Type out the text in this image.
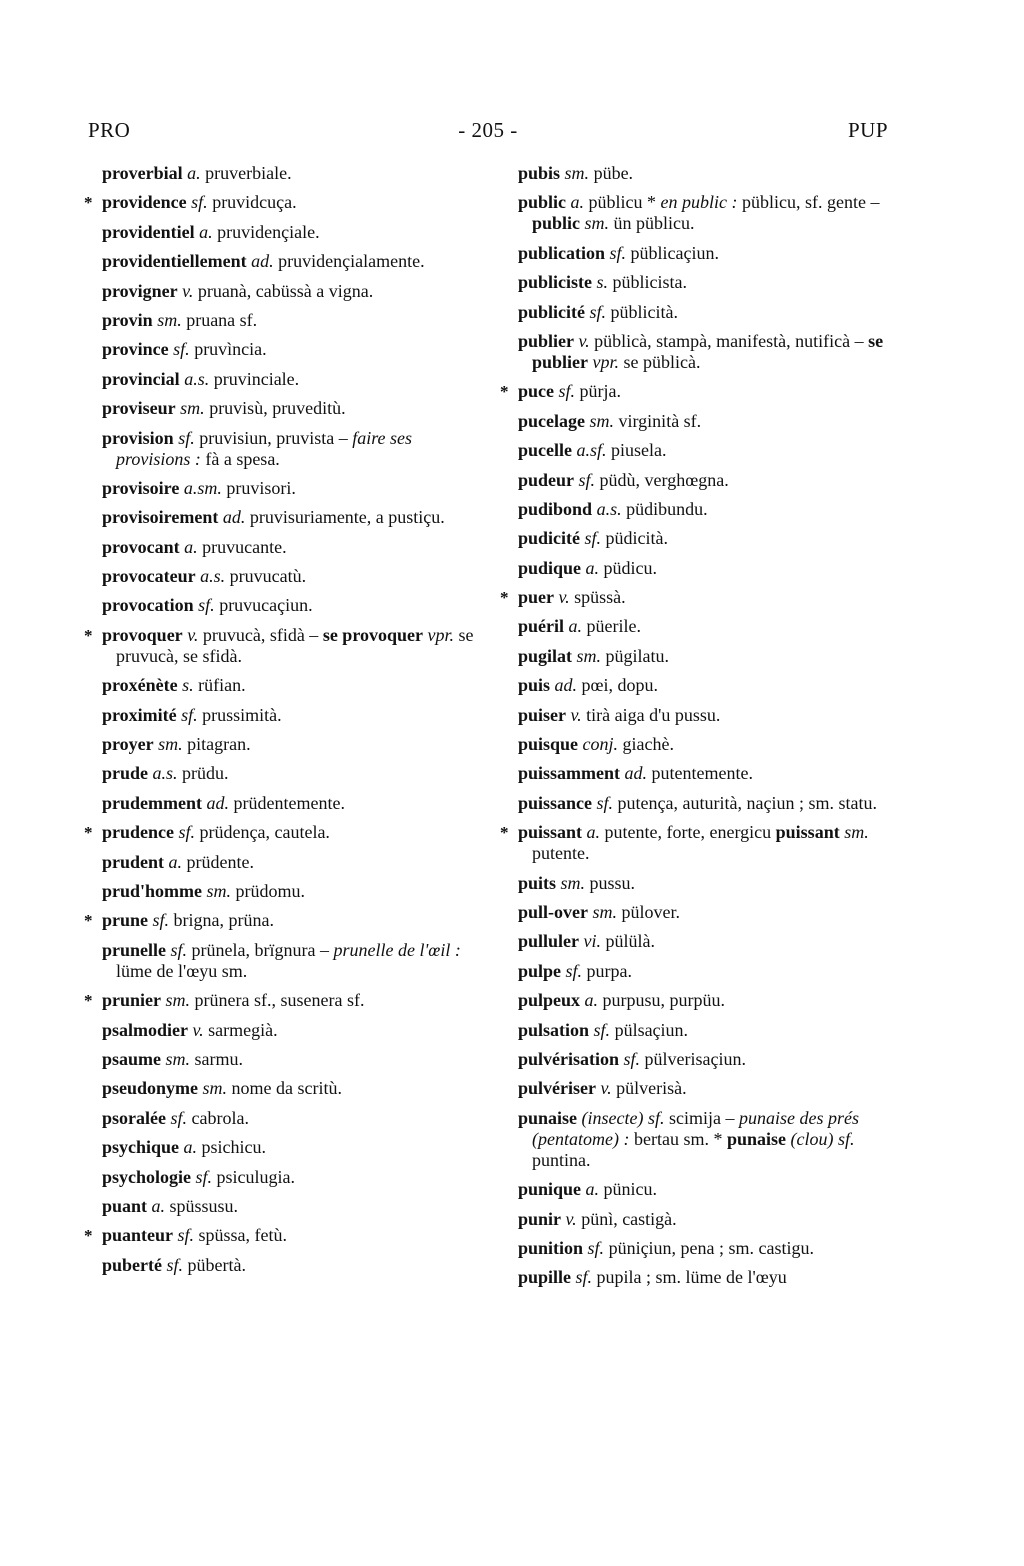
PRO	- 205 -	PUP
proverbial a. pruverbiale.
* providence sf. pruvidcuça.
providentiel a. pruvidençiale.
providentiellement ad. pruvidençialamente.
provigner v. pruanà, cabüssà a vigna.
provin sm. pruana sf.
province sf. pruvìncia.
provincial a.s. pruvinciale.
proviseur sm. pruvisù, pruveditù.
provision sf. pruvisiun, pruvista – faire ses provisions : fà a spesa.
provisoire a.sm. pruvisori.
provisoirement ad. pruvisuriamente, a pustiçu.
provocant a. pruvucante.
provocateur a.s. pruvucatù.
provocation sf. pruvucaçiun.
* provoquer v. pruvucà, sfidà – se provoquer vpr. se pruvucà, se sfidà.
proxénète s. rüfian.
proximité sf. prussimità.
proyer sm. pitagran.
prude a.s. prüdu.
prudemment ad. prüdentemente.
* prudence sf. prüdença, cautela.
prudent a. prüdente.
prud'homme sm. prüdomu.
* prune sf. brigna, prüna.
prunelle sf. prünela, brïgnura – prunelle de l'œil : lüme de l'œyu sm.
* prunier sm. prünera sf., susenera sf.
psalmodier v. sarmegià.
psaume sm. sarmu.
pseudonyme sm. nome da scritù.
psoralée sf. cabrola.
psychique a. psichicu.
psychologie sf. psiculugia.
puant a. spüssusu.
* puanteur sf. spüssa, fetù.
puberté sf. pübertà.
pubis sm. pübe.
public a. püblicu * en public : püblicu, sf. gente – public sm. ün püblicu.
publication sf. püblicaçiun.
publiciste s. püblicista.
publicité sf. püblicità.
publier v. püblicà, stampà, manifestà, nutificà – se publier vpr. se püblicà.
* puce sf. pürja.
pucelage sm. virginità sf.
pucelle a.sf. piusela.
pudeur sf. püdù, verghœgna.
pudibond a.s. püdibundu.
pudicité sf. püdicità.
pudique a. püdicu.
* puer v. spüssà.
puéril a. püerile.
pugilat sm. pügilatu.
puis ad. pœi, dopu.
puiser v. tirà aiga d'u pussu.
puisque conj. giachè.
puissamment ad. putentemente.
puissance sf. putença, auturità, naçiun ; sm. statu.
* puissant a. putente, forte, energicu puissant sm. putente.
puits sm. pussu.
pull-over sm. pülover.
pulluler vi. pülülà.
pulpe sf. purpa.
pulpeux a. purpusu, purpüu.
pulsation sf. pülsaçiun.
pulvérisation sf. pülverisaçiun.
pulvériser v. pülverisà.
punaise (insecte) sf. scimija – punaise des prés (pentatome) : bertau sm. * punaise (clou) sf. puntina.
punique a. pünicu.
punir v. pünì, castigà.
punition sf. püniçiun, pena ; sm. castigu.
pupille sf. pupila ; sm. lüme de l'œyu
